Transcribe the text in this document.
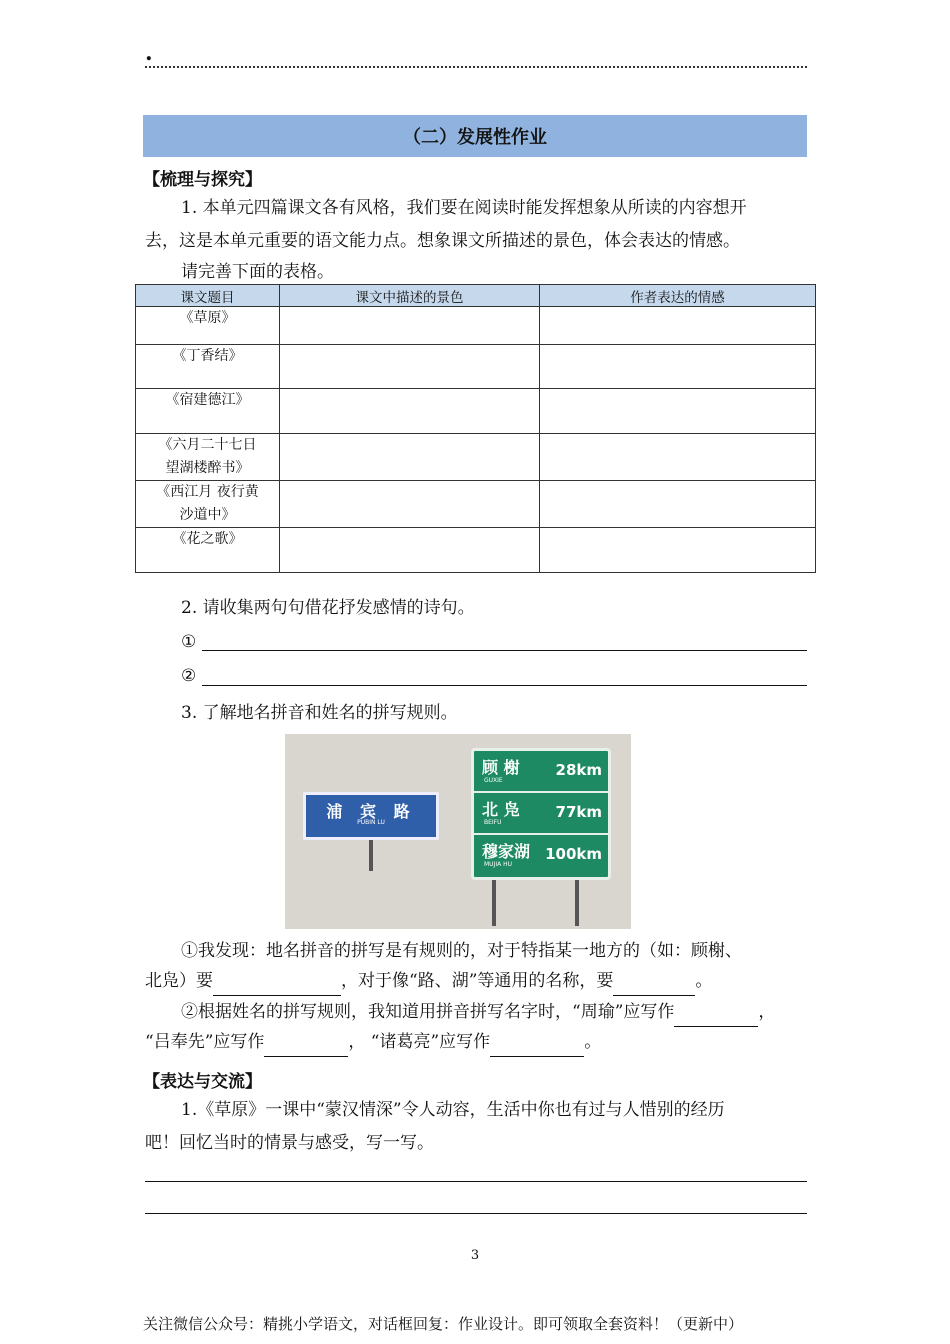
.
（二）发展性作业
【梳理与探究】
1. 本单元四篇课文各有风格，我们要在阅读时能发挥想象从所读的内容想开
去，这是本单元重要的语文能力点。想象课文所描述的景色，体会表达的情感。
请完善下面的表格。
课文题目	课文中描述的景色	作者表达的情感

《草原》		

《丁香结》		

《宿建德江》		

《六月二十七日
望湖楼醉书》		

《西江月 夜行黄
沙道中》		

《花之歌》		

2. 请收集两句句借花抒发感情的诗句。
①
②
3. 了解地名拼音和姓名的拼写规则。
浦 宾 路
PUBIN LU
顾 榭
GUXIE
28km
北 凫
BEIFU
77km
穆家湖
MUJIA HU
100km
①我发现：地名拼音的拼写是有规则的，对于特指某一地方的（如：顾榭、
北凫）要	，对于像“路、湖”等通用的名称，要	。
②根据姓名的拼写规则，我知道用拼音拼写名字时，“周瑜”应写作	，
“吕奉先”应写作	， “诸葛亮”应写作	。
【表达与交流】
1.《草原》一课中“蒙汉情深”令人动容，生活中你也有过与人惜别的经历
吧！回忆当时的情景与感受，写一写。
3
关注微信公众号：精挑小学语文，对话框回复：作业设计。即可领取全套资料！（更新中）
